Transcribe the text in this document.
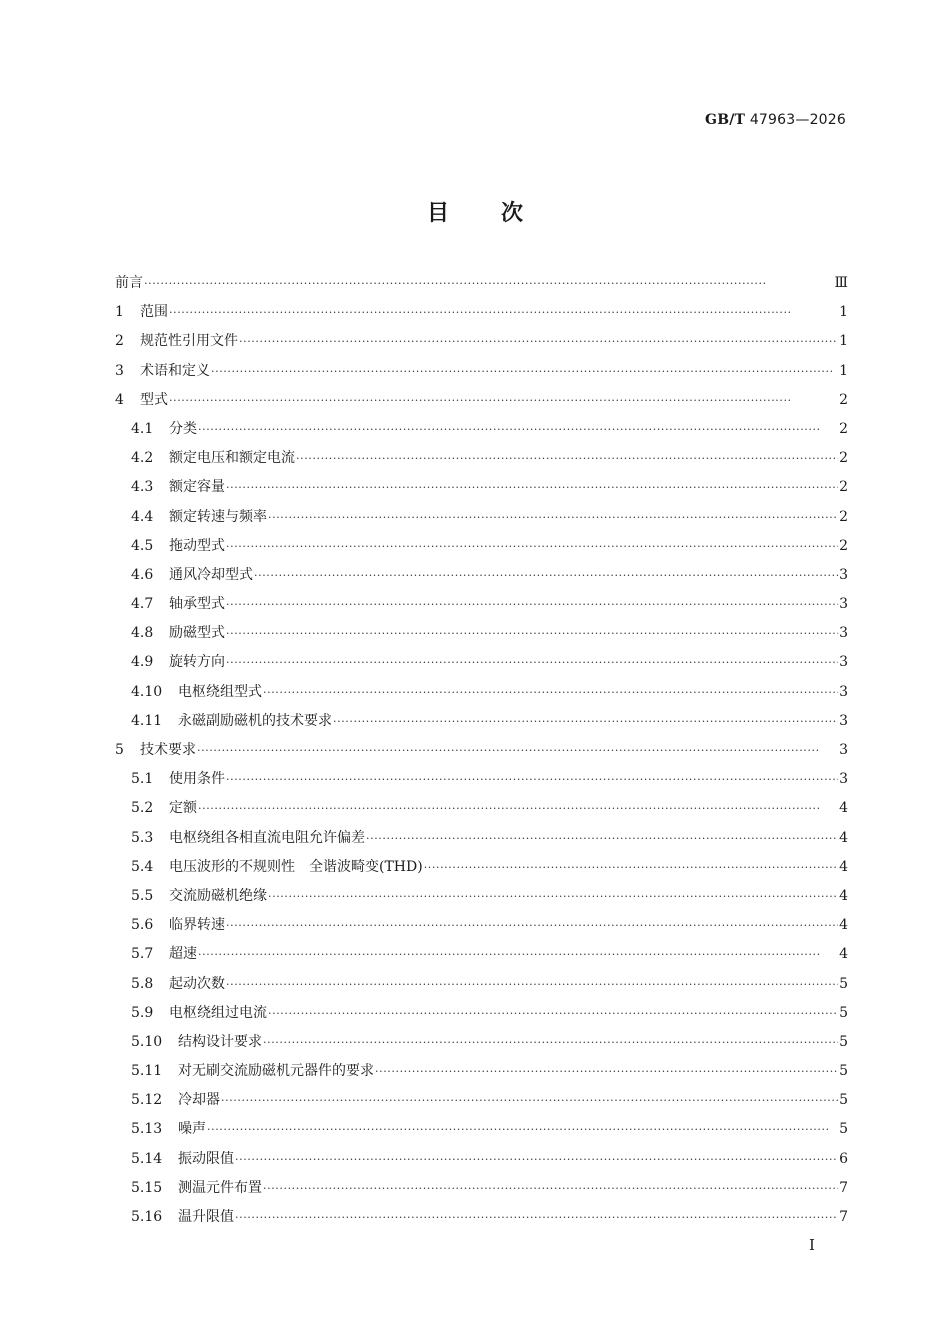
GB/T 47963—2026
目 次
前言 ·····	Ⅲ
1	范围 ·····	1
2	规范性引用文件 ·····	1
3	术语和定义 ·····	1
4	型式 ·····	2
4.1	分类 ·····	2
4.2	额定电压和额定电流 ·····	2
4.3	额定容量 ·····	2
4.4	额定转速与频率 ·····	2
4.5	拖动型式 ·····	2
4.6	通风冷却型式 ·····	3
4.7	轴承型式 ·····	3
4.8	励磁型式 ·····	3
4.9	旋转方向 ·····	3
4.10	电枢绕组型式 ·····	3
4.11	永磁副励磁机的技术要求 ·····	3
5	技术要求 ·····	3
5.1	使用条件 ·····	3
5.2	定额 ·····	4
5.3	电枢绕组各相直流电阻允许偏差 ·····	4
5.4	电压波形的不规则性　全谐波畸变(THD) ·····	4
5.5	交流励磁机绝缘 ·····	4
5.6	临界转速 ·····	4
5.7	超速 ·····	4
5.8	起动次数 ·····	5
5.9	电枢绕组过电流 ·····	5
5.10	结构设计要求 ·····	5
5.11	对无刷交流励磁机元器件的要求 ·····	5
5.12	冷却器 ·····	5
5.13	噪声 ·····	5
5.14	振动限值 ·····	6
5.15	测温元件布置 ·····	7
5.16	温升限值 ·····	7
I
